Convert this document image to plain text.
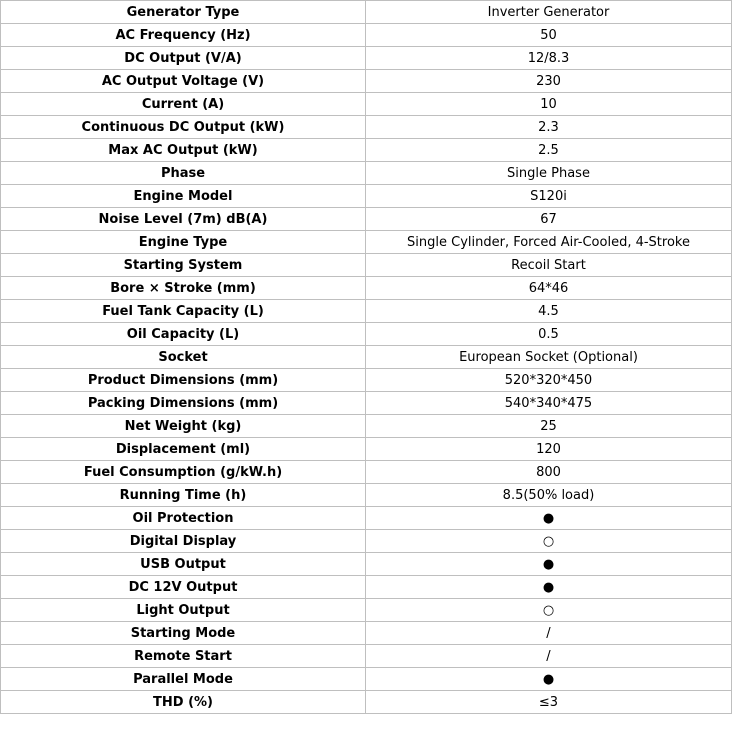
Generator Type	Inverter Generator
AC Frequency (Hz)	50
DC Output (V/A)	12/8.3
AC Output Voltage (V)	230
Current (A)	10
Continuous DC Output (kW)	2.3
Max AC Output (kW)	2.5
Phase	Single Phase
Engine Model	S120i
Noise Level (7m) dB(A)	67
Engine Type	Single Cylinder, Forced Air-Cooled, 4-Stroke
Starting System	Recoil Start
Bore × Stroke (mm)	64*46
Fuel Tank Capacity (L)	4.5
Oil Capacity (L)	0.5
Socket	European Socket (Optional)
Product Dimensions (mm)	520*320*450
Packing Dimensions (mm)	540*340*475
Net Weight (kg)	25
Displacement (ml)	120
Fuel Consumption (g/kW.h)	800
Running Time (h)	8.5(50% load)
Oil Protection	●
Digital Display	○
USB Output	●
DC 12V Output	●
Light Output	○
Starting Mode	/
Remote Start	/
Parallel Mode	●
THD (%)	≤3
